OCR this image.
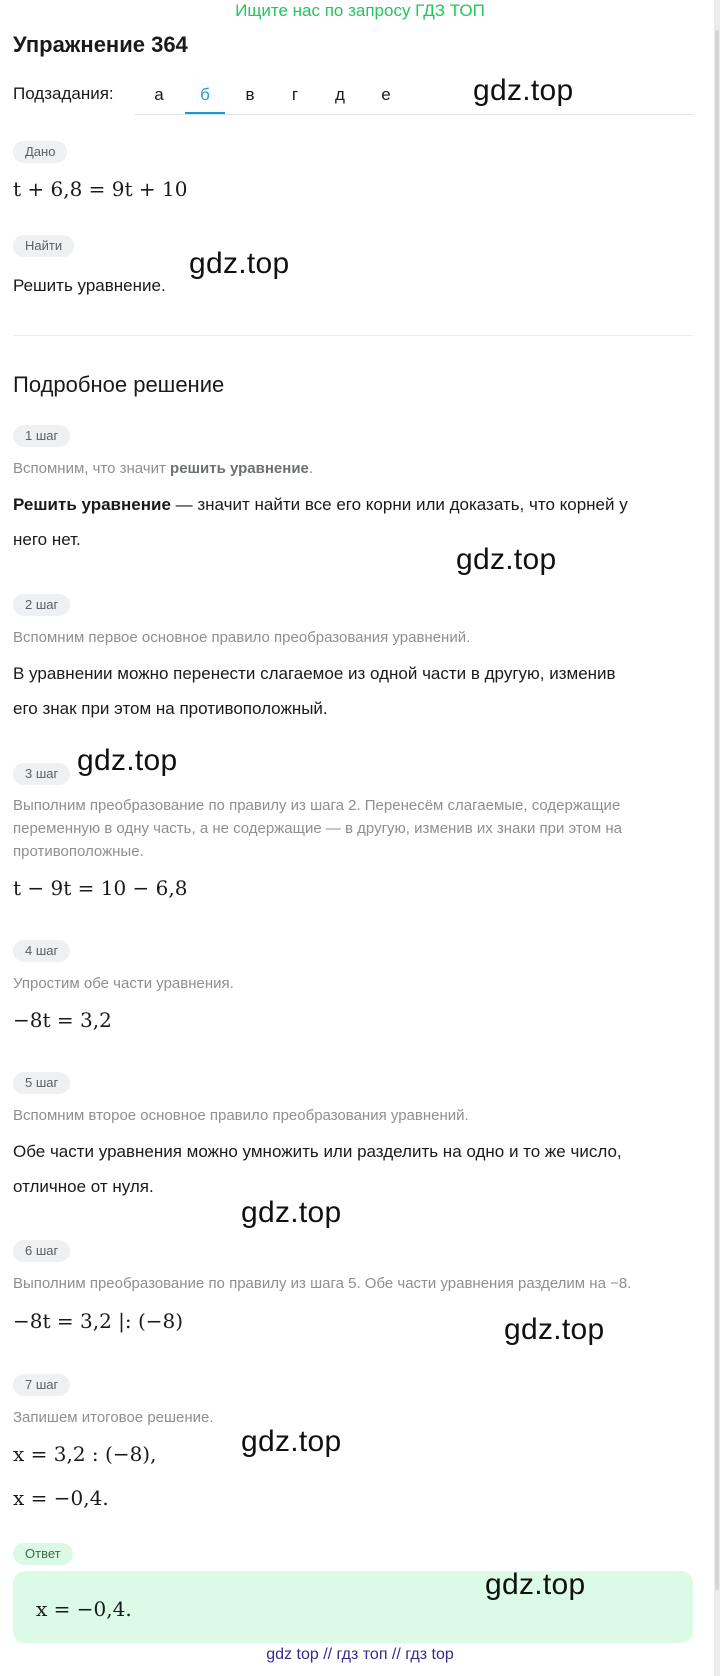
Ищите нас по запросу ГДЗ ТОП
Упражнение 364
Подзадания:	а	б	в	г	д	е
Дано
t + 6,8 = 9t + 10
Найти
Решить уравнение.
Подробное решение
1 шаг
Вспомним, что значит решить уравнение.
Решить уравнение — значит найти все его корни или доказать, что корней у
него нет.
2 шаг
Вспомним первое основное правило преобразования уравнений.
В уравнении можно перенести слагаемое из одной части в другую, изменив
его знак при этом на противоположный.
3 шаг
Выполним преобразование по правилу из шага 2. Перенесём слагаемые, содержащие
переменную в одну часть, а не содержащие — в другую, изменив их знаки при этом на
противоположные.
t − 9t = 10 − 6,8
4 шаг
Упростим обе части уравнения.
−8t = 3,2
5 шаг
Вспомним второе основное правило преобразования уравнений.
Обе части уравнения можно умножить или разделить на одно и то же число,
отличное от нуля.
6 шаг
Выполним преобразование по правилу из шага 5. Обе части уравнения разделим на −8.
−8t = 3,2 |: (−8)
7 шаг
Запишем итоговое решение.
x = 3,2 : (−8),
x = −0,4.
Ответ
x = −0,4.
gdz.top
gdz.top
gdz.top
gdz.top
gdz.top
gdz.top
gdz.top
gdz.top
gdz top // гдз топ // гдз top
